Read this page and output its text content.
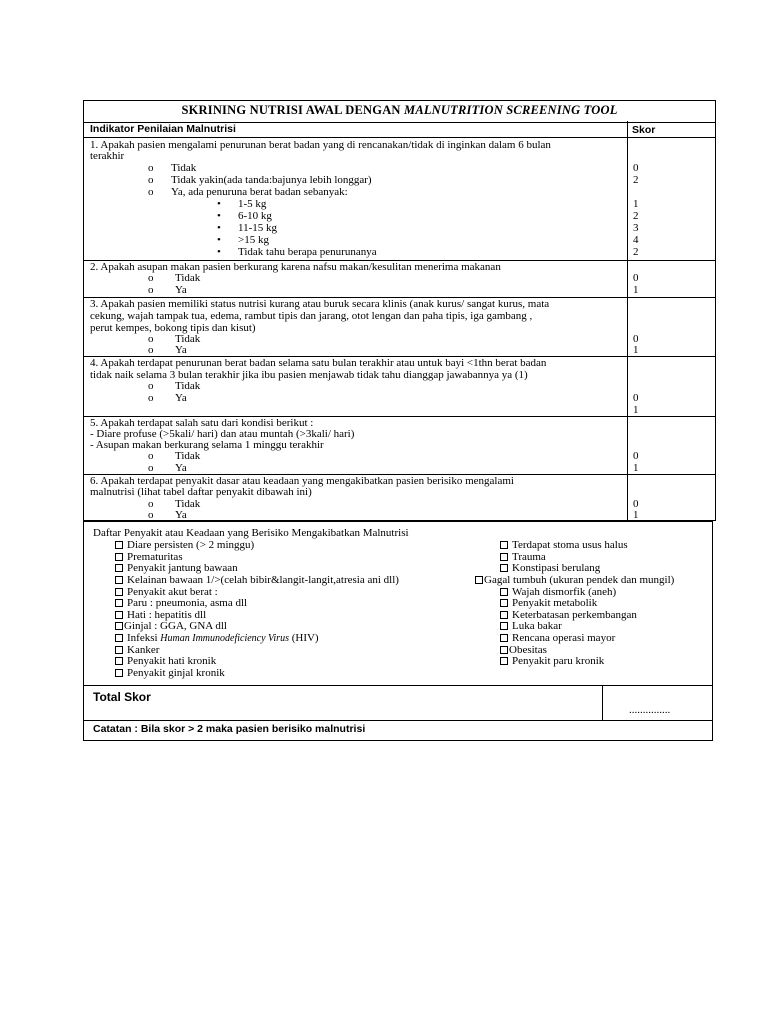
SKRINING NUTRISI AWAL DENGAN MALNUTRITION SCREENING TOOL
Indikator Penilaian Malnutrisi	Skor
1. Apakah pasien mengalami penurunan berat badan yang di rencanakan/tidak di inginkan dalam 6 bulan
terakhir
o Tidak
o Tidak yakin(ada tanda:bajunya lebih longgar)
o Ya, ada penuruna berat badan sebanyak:
• 1-5 kg
• 6-10 kg
• 11-15 kg
• >15 kg
• Tidak tahu berapa penurunanya
0
2
1
2
3
4
2
2. Apakah asupan makan pasien berkurang karena nafsu makan/kesulitan menerima makanan
o Tidak
o Ya
0
1
3. Apakah pasien memiliki status nutrisi kurang atau buruk secara klinis (anak kurus/ sangat kurus, mata
cekung, wajah tampak tua, edema, rambut tipis dan jarang, otot lengan dan paha tipis, iga gambang ,
perut kempes, bokong tipis dan kisut)
o Tidak
o Ya
0
1
4. Apakah terdapat penurunan berat badan selama satu bulan terakhir atau untuk bayi <1thn berat badan
tidak naik selama 3 bulan terakhir jika ibu pasien menjawab tidak tahu dianggap jawabannya ya (1)
o Tidak
o Ya	0
1
5. Apakah terdapat salah satu dari kondisi berikut :
- Diare profuse (>5kali/ hari) dan atau muntah (>3kali/ hari)
- Asupan makan berkurang selama 1 minggu terakhir
o Tidak
o Ya
0
1
6. Apakah terdapat penyakit dasar atau keadaan yang mengakibatkan pasien berisiko mengalami
malnutrisi (lihat tabel daftar penyakit dibawah ini)
o Tidak
o Ya
0
1
Daftar Penyakit atau Keadaan yang Berisiko Mengakibatkan Malnutrisi
Diare persisten (> 2 minggu)
Prematuritas
Penyakit jantung bawaan
Kelainan bawaan 1/>(celah bibir&langit-langit,atresia ani dll)
Penyakit akut berat :
Paru : pneumonia, asma dll
Hati : hepatitis dll
Ginjal : GGA, GNA dll
Infeksi Human Immunodeficiency Virus (HIV)
Kanker
Penyakit hati kronik
Penyakit ginjal kronik
Terdapat stoma usus halus
Trauma
Konstipasi berulang
Gagal tumbuh (ukuran pendek dan mungil)
Wajah dismorfik (aneh)
Penyakit metabolik
Keterbatasan perkembangan
Luka bakar
Rencana operasi mayor
Obesitas
Penyakit paru kronik
Total Skor
...............
Catatan : Bila skor > 2 maka pasien berisiko malnutrisi
